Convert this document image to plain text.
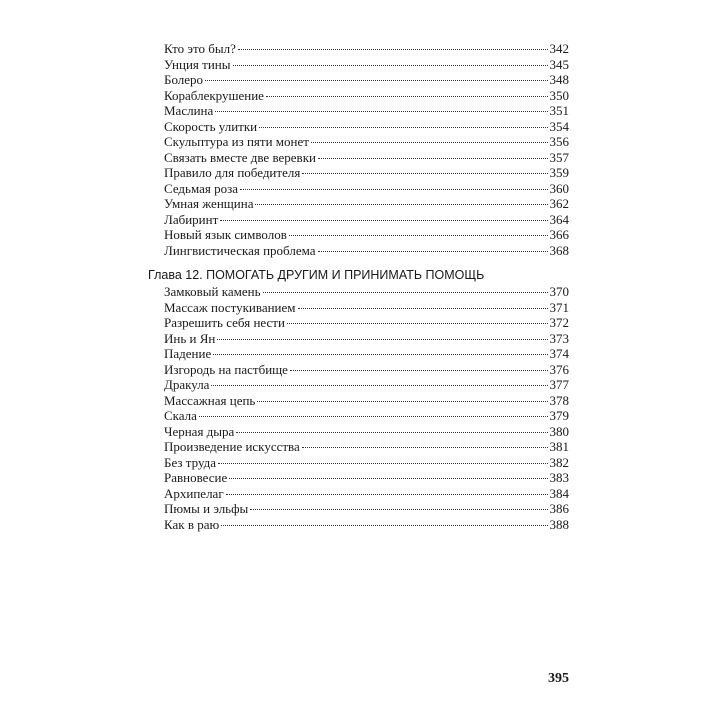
Кто это был?	342
Унция тины	345
Болеро	348
Кораблекрушение	350
Маслина	351
Скорость улитки	354
Скульптура из пяти монет	356
Связать вместе две веревки	357
Правило для победителя	359
Седьмая роза	360
Умная женщина	362
Лабиринт	364
Новый язык символов	366
Лингвистическая проблема	368
Глава 12. ПОМОГАТЬ ДРУГИМ И ПРИНИМАТЬ ПОМОЩЬ
Замковый камень	370
Массаж постукиванием	371
Разрешить себя нести	372
Инь и Ян	373
Падение	374
Изгородь на пастбище	376
Дракула	377
Массажная цепь	378
Скала	379
Черная дыра	380
Произведение искусства	381
Без труда	382
Равновесие	383
Архипелаг	384
Пюмы и эльфы	386
Как в раю	388
395
